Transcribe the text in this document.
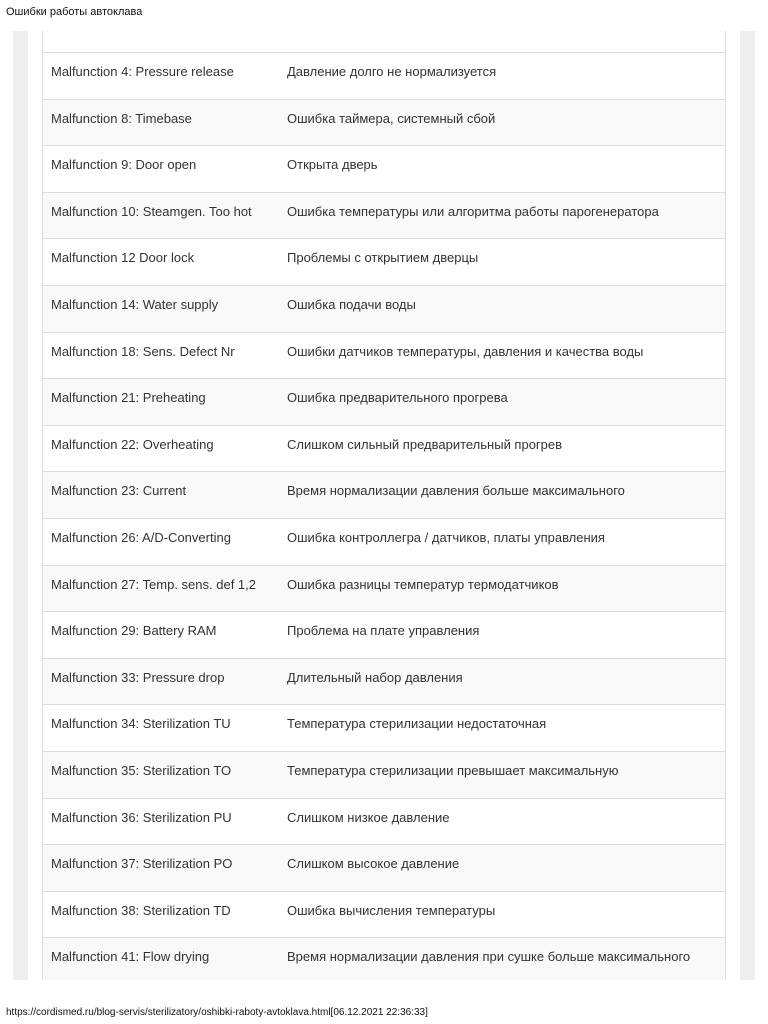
Ошибки работы автоклава
Malfunction 4: Pressure release	Давление долго не нормализуется
Malfunction 8: Timebase	Ошибка таймера, системный сбой
Malfunction 9: Door open	Открыта дверь
Malfunction 10: Steamgen. Too hot	Ошибка температуры или алгоритма работы парогенератора
Malfunction 12 Door lock	Проблемы с открытием дверцы
Malfunction 14: Water supply	Ошибка подачи воды
Malfunction 18: Sens. Defect Nr	Ошибки датчиков температуры, давления и качества воды
Malfunction 21: Preheating	Ошибка предварительного прогрева
Malfunction 22: Overheating	Слишком сильный предварительный прогрев
Malfunction 23: Current	Время нормализации давления больше максимального
Malfunction 26: A/D-Converting	Ошибка контроллегра / датчиков, платы управления
Malfunction 27: Temp. sens. def 1,2	Ошибка разницы температур термодатчиков
Malfunction 29: Battery RAM	Проблема на плате управления
Malfunction 33: Pressure drop	Длительный набор давления
Malfunction 34: Sterilization TU	Температура стерилизации недостаточная
Malfunction 35: Sterilization TO	Температура стерилизации превышает максимальную
Malfunction 36: Sterilization PU	Слишком низкое давление
Malfunction 37: Sterilization PO	Слишком высокое давление
Malfunction 38: Sterilization TD	Ошибка вычисления температуры
Malfunction 41: Flow drying	Время нормализации давления при сушке больше максимального
https://cordismed.ru/blog-servis/sterilizatory/oshibki-raboty-avtoklava.html[06.12.2021 22:36:33]
